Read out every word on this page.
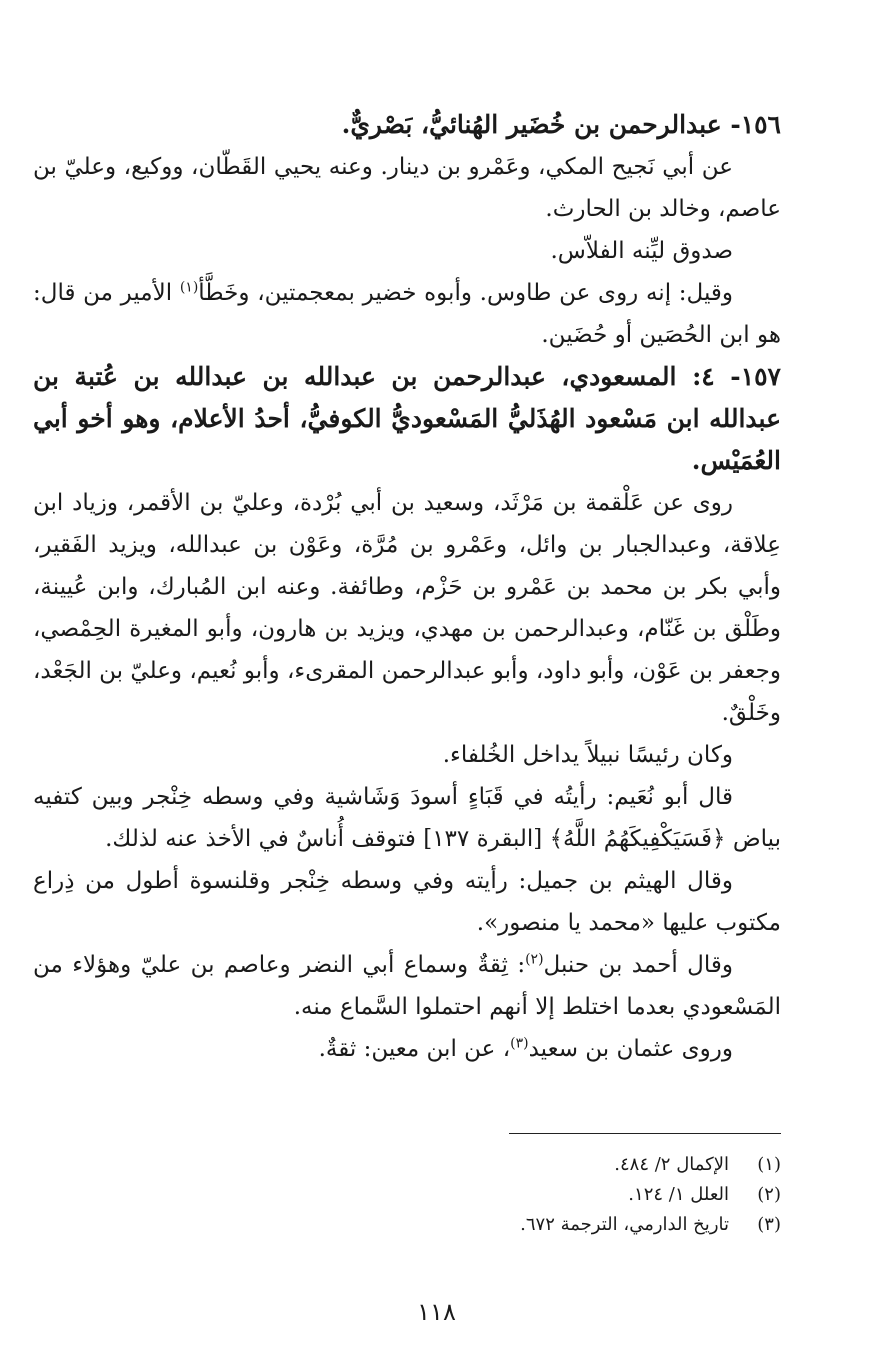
١٥٦- عبدالرحمن بن خُضَير الهُنائيُّ، بَصْريٌّ.

عن أبي نَجيح المكي، وعَمْرو بن دينار. وعنه يحيي القَطّان، ووكيع، وعليّ بن عاصم، وخالد بن الحارث.

صدوق ليِّنه الفلاّس.

وقيل: إنه روى عن طاوس. وأبوه خضير بمعجمتين، وخَطَّأ$^{(١)}$ الأمير من قال: هو ابن الحُصَين أو حُضَين.

١٥٧- ٤: المسعودي، عبدالرحمن بن عبدالله بن عبدالله بن عُتبة بن عبدالله ابن مَسْعود الهُذَليُّ المَسْعوديُّ الكوفيُّ، أحدُ الأعلام، وهو أخو أبي العُمَيْس.

روى عن عَلْقمة بن مَرْثَد، وسعيد بن أبي بُرْدة، وعليّ بن الأقمر، وزياد ابن عِلاقة، وعبدالجبار بن وائل، وعَمْرو بن مُرَّة، وعَوْن بن عبدالله، ويزيد الفَقير، وأبي بكر بن محمد بن عَمْرو بن حَزْم، وطائفة. وعنه ابن المُبارك، وابن عُيينة، وطَلْق بن غَنّام، وعبدالرحمن بن مهدي، ويزيد بن هارون، وأبو المغيرة الحِمْصي، وجعفر بن عَوْن، وأبو داود، وأبو عبدالرحمن المقرىء، وأبو نُعيم، وعليّ بن الجَعْد، وخَلْقٌ.

وكان رئيسًا نبيلاً يداخل الخُلفاء.

قال أبو نُعَيم: رأيتُه في قَبَاءٍ أسودَ وَشَاشية وفي وسطه خِنْجر وبين كتفيه بياض ﴿فَسَيَكْفِيكَهُمُ اللَّهُ﴾ [البقرة ١٣٧] فتوقف أُناسٌ في الأخذ عنه لذلك.

وقال الهيثم بن جميل: رأيته وفي وسطه خِنْجر وقلنسوة أطول من ذِراع مكتوب عليها «محمد يا منصور».

وقال أحمد بن حنبل$^{(٢)}$: ثِقةٌ وسماع أبي النضر وعاصم بن عليّ وهؤلاء من المَسْعودي بعدما اختلط إلا أنهم احتملوا السَّماع منه.

وروى عثمان بن سعيد$^{(٣)}$، عن ابن معين: ثقةٌ.

(١)
الإكمال ٢/ ٤٨٤.
(٢)
العلل ١/ ١٢٤.
(٣)
تاريخ الدارمي، الترجمة ٦٧٢.
١١٨
